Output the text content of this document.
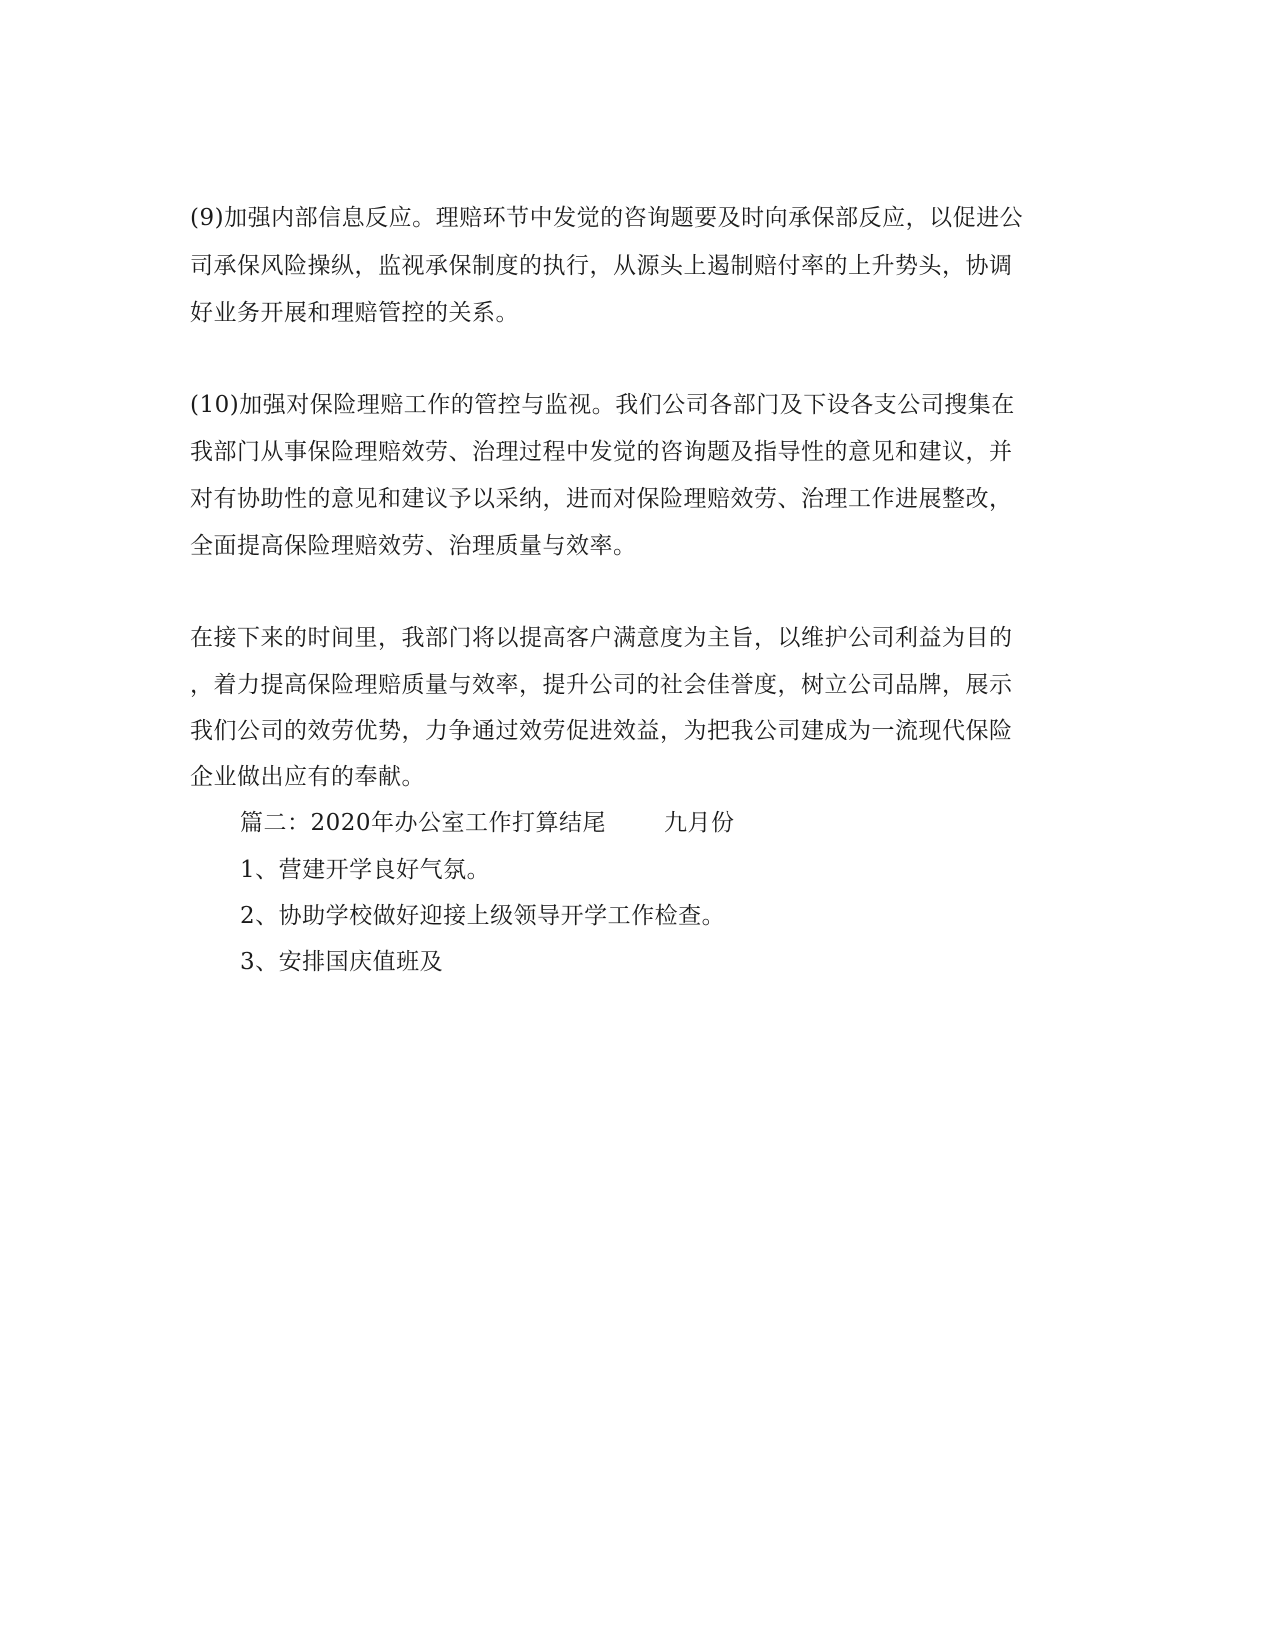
(9)加强内部信息反应。理赔环节中发觉的咨询题要及时向承保部反应，以促进公
司承保风险操纵，监视承保制度的执行，从源头上遏制赔付率的上升势头，协调
好业务开展和理赔管控的关系。
(10)加强对保险理赔工作的管控与监视。我们公司各部门及下设各支公司搜集在
我部门从事保险理赔效劳、治理过程中发觉的咨询题及指导性的意见和建议，并
对有协助性的意见和建议予以采纳，进而对保险理赔效劳、治理工作进展整改，
全面提高保险理赔效劳、治理质量与效率。
在接下来的时间里，我部门将以提高客户满意度为主旨，以维护公司利益为目的
，着力提高保险理赔质量与效率，提升公司的社会佳誉度，树立公司品牌，展示
我们公司的效劳优势，力争通过效劳促进效益，为把我公司建成为一流现代保险
企业做出应有的奉献。
篇二：2020年办公室工作打算结尾	九月份
1、营建开学良好气氛。
2、协助学校做好迎接上级领导开学工作检查。
3、安排国庆值班及
